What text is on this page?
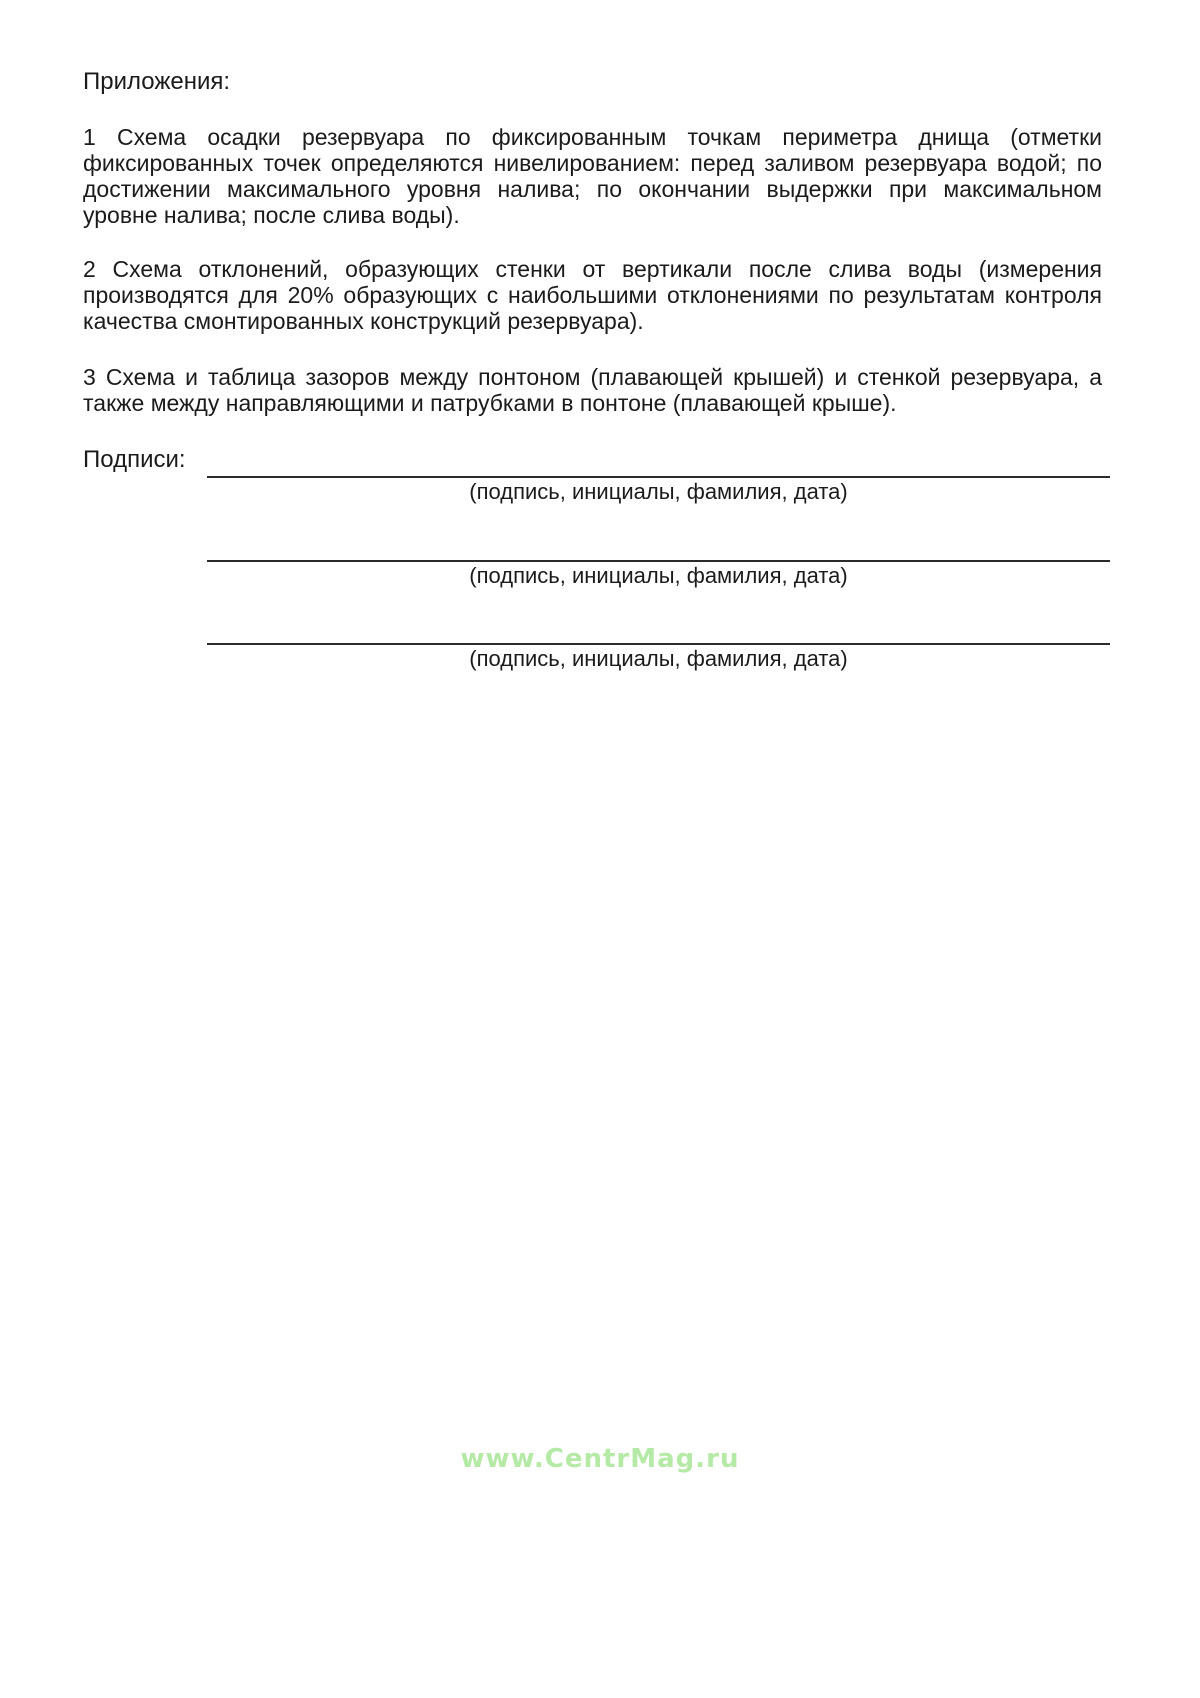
Приложения:
1 Схема осадки резервуара по фиксированным точкам периметра днища (отметки
фиксированных точек определяются нивелированием: перед заливом резервуара водой; по
достижении максимального уровня налива; по окончании выдержки при максимальном
уровне налива; после слива воды).
2 Схема отклонений, образующих стенки от вертикали после слива воды (измерения
производятся для 20% образующих с наибольшими отклонениями по результатам контроля
качества смонтированных конструкций резервуара).
3 Схема и таблица зазоров между понтоном (плавающей крышей) и стенкой резервуара, а
также между направляющими и патрубками в понтоне (плавающей крыше).
Подписи:
(подпись, инициалы, фамилия, дата)
(подпись, инициалы, фамилия, дата)
(подпись, инициалы, фамилия, дата)
www.CentrMag.ru
